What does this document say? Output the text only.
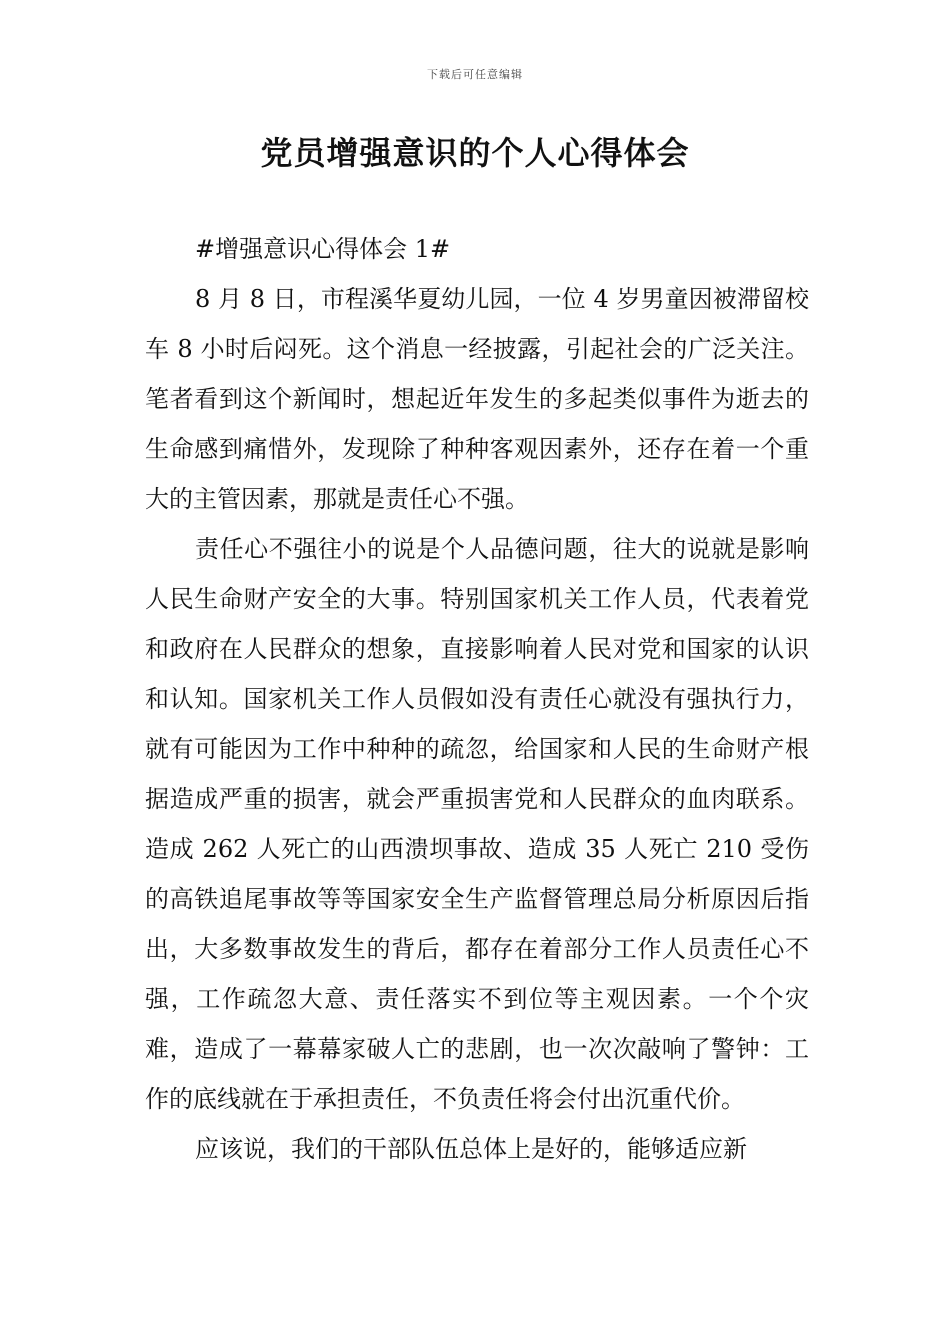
下载后可任意编辑
党员增强意识的个人心得体会

#增强意识心得体会 1#

8 月 8 日，市程溪华夏幼儿园，一位 4 岁男童因被滞留校车 8 小时后闷死。这个消息一经披露，引起社会的广泛关注。笔者看到这个新闻时，想起近年发生的多起类似事件为逝去的生命感到痛惜外，发现除了种种客观因素外，还存在着一个重大的主管因素，那就是责任心不强。

责任心不强往小的说是个人品德问题，往大的说就是影响人民生命财产安全的大事。特别国家机关工作人员，代表着党和政府在人民群众的想象，直接影响着人民对党和国家的认识和认知。国家机关工作人员假如没有责任心就没有强执行力，就有可能因为工作中种种的疏忽，给国家和人民的生命财产根据造成严重的损害，就会严重损害党和人民群众的血肉联系。造成 262 人死亡的山西溃坝事故、造成 35 人死亡 210 受伤的高铁追尾事故等等国家安全生产监督管理总局分析原因后指出，大多数事故发生的背后，都存在着部分工作人员责任心不强，工作疏忽大意、责任落实不到位等主观因素。一个个灾难，造成了一幕幕家破人亡的悲剧，也一次次敲响了警钟：工作的底线就在于承担责任，不负责任将会付出沉重代价。

应该说，我们的干部队伍总体上是好的，能够适应新
